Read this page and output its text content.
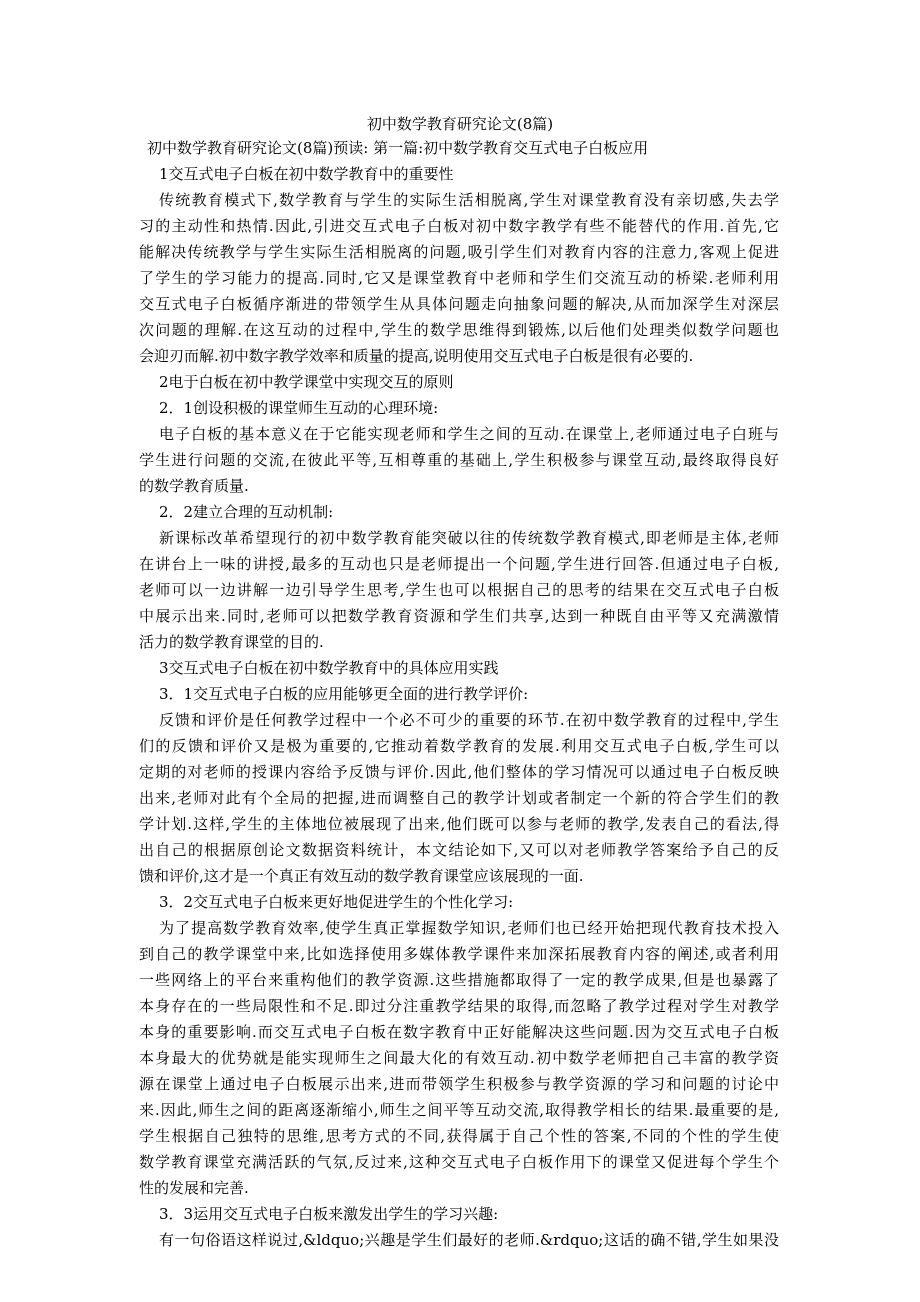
初中数学教育研究论文(8篇)
初中数学教育研究论文(8篇)预读: 第一篇:初中数学教育交互式电子白板应用
1交互式电子白板在初中数学教育中的重要性
传统教育模式下,数学教育与学生的实际生活相脱离,学生对课堂教育没有亲切感,失去学
习的主动性和热情.因此,引进交互式电子白板对初中数字教学有些不能替代的作用.首先,它
能解决传统教学与学生实际生活相脱离的问题,吸引学生们对教育内容的注意力,客观上促进
了学生的学习能力的提高.同时,它又是课堂教育中老师和学生们交流互动的桥梁.老师利用
交互式电子白板循序渐进的带领学生从具体问题走向抽象问题的解决,从而加深学生对深层
次问题的理解.在这互动的过程中,学生的数学思维得到锻炼,以后他们处理类似数学问题也
会迎刃而解.初中数字教学效率和质量的提高,说明使用交互式电子白板是很有必要的.
2电于白板在初中教学课堂中实现交互的原则
2．1创设积极的课堂师生互动的心理环境:
电子白板的基本意义在于它能实现老师和学生之间的互动.在课堂上,老师通过电子白班与
学生进行问题的交流,在彼此平等,互相尊重的基础上,学生积极参与课堂互动,最终取得良好
的数学教育质量.
2．2建立合理的互动机制:
新课标改革希望现行的初中数学教育能突破以往的传统数学教育模式,即老师是主体,老师
在讲台上一味的讲授,最多的互动也只是老师提出一个问题,学生进行回答.但通过电子白板,
老师可以一边讲解一边引导学生思考,学生也可以根据自己的思考的结果在交互式电子白板
中展示出来.同时,老师可以把数学教育资源和学生们共享,达到一种既自由平等又充满激情
活力的数学教育课堂的目的.
3交互式电子白板在初中数学教育中的具体应用实践
3．1交互式电子白板的应用能够更全面的进行教学评价:
反馈和评价是任何教学过程中一个必不可少的重要的环节.在初中数学教育的过程中,学生
们的反馈和评价又是极为重要的,它推动着数学教育的发展.利用交互式电子白板,学生可以
定期的对老师的授课内容给予反馈与评价.因此,他们整体的学习情况可以通过电子白板反映
出来,老师对此有个全局的把握,进而调整自己的教学计划或者制定一个新的符合学生们的教
学计划.这样,学生的主体地位被展现了出来,他们既可以参与老师的教学,发表自己的看法,得
出自己的根据原创论文数据资料统计，本文结论如下,又可以对老师教学答案给予自己的反
馈和评价,这才是一个真正有效互动的数学教育课堂应该展现的一面.
3．2交互式电子白板来更好地促进学生的个性化学习:
为了提高数学教育效率,使学生真正掌握数学知识,老师们也已经开始把现代教育技术投入
到自己的教学课堂中来,比如选择使用多媒体教学课件来加深拓展教育内容的阐述,或者利用
一些网络上的平台来重构他们的教学资源.这些措施都取得了一定的教学成果,但是也暴露了
本身存在的一些局限性和不足.即过分注重教学结果的取得,而忽略了教学过程对学生对教学
本身的重要影响.而交互式电子白板在数字教育中正好能解决这些问题.因为交互式电子白板
本身最大的优势就是能实现师生之间最大化的有效互动.初中数学老师把自己丰富的教学资
源在课堂上通过电子白板展示出来,进而带领学生积极参与教学资源的学习和问题的讨论中
来.因此,师生之间的距离逐渐缩小,师生之间平等互动交流,取得教学相长的结果.最重要的是,
学生根据自己独特的思维,思考方式的不同,获得属于自己个性的答案,不同的个性的学生使
数学教育课堂充满活跃的气氛,反过来,这种交互式电子白板作用下的课堂又促进每个学生个
性的发展和完善.
3．3运用交互式电子白板来激发出学生的学习兴趣:
有一句俗语这样说过,&ldquo;兴趣是学生们最好的老师.&rdquo;这话的确不错,学生如果没
